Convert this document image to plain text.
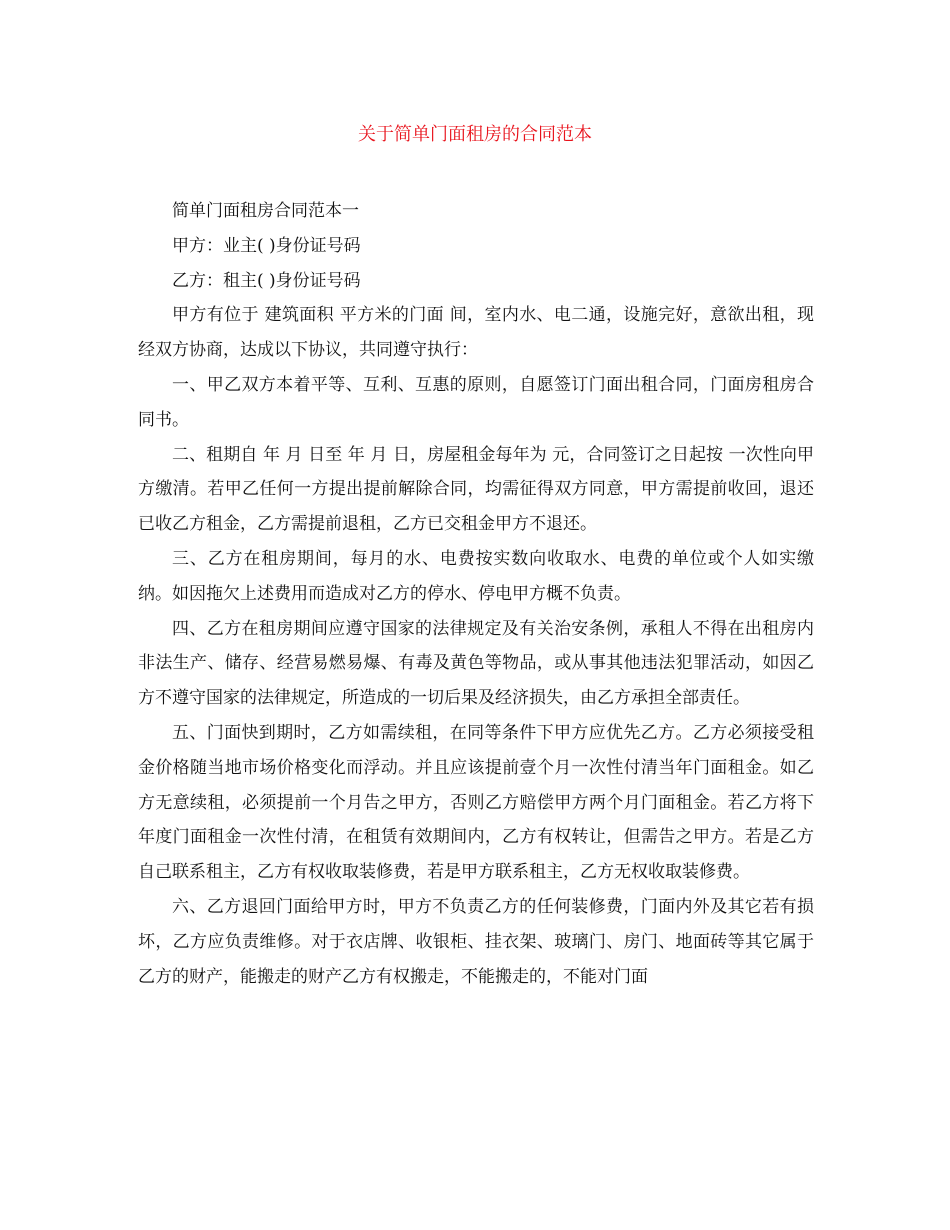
关于简单门面租房的合同范本

简单门面租房合同范本一

甲方：业主( )身份证号码

乙方：租主( )身份证号码

甲方有位于 建筑面积 平方米的门面 间，室内水、电二通，设施完好，意欲出租，现经双方协商，达成以下协议，共同遵守执行：

一、甲乙双方本着平等、互利、互惠的原则，自愿签订门面出租合同，门面房租房合同书。

二、租期自 年 月 日至 年 月 日，房屋租金每年为 元，合同签订之日起按 一次性向甲方缴清。若甲乙任何一方提出提前解除合同，均需征得双方同意，甲方需提前收回，退还已收乙方租金，乙方需提前退租，乙方已交租金甲方不退还。

三、乙方在租房期间，每月的水、电费按实数向收取水、电费的单位或个人如实缴纳。如因拖欠上述费用而造成对乙方的停水、停电甲方概不负责。

四、乙方在租房期间应遵守国家的法律规定及有关治安条例，承租人不得在出租房内非法生产、储存、经营易燃易爆、有毒及黄色等物品，或从事其他违法犯罪活动，如因乙方不遵守国家的法律规定，所造成的一切后果及经济损失，由乙方承担全部责任。

五、门面快到期时，乙方如需续租，在同等条件下甲方应优先乙方。乙方必须接受租金价格随当地市场价格变化而浮动。并且应该提前壹个月一次性付清当年门面租金。如乙方无意续租，必须提前一个月告之甲方，否则乙方赔偿甲方两个月门面租金。若乙方将下年度门面租金一次性付清，在租赁有效期间内，乙方有权转让，但需告之甲方。若是乙方自己联系租主，乙方有权收取装修费，若是甲方联系租主，乙方无权收取装修费。

六、乙方退回门面给甲方时，甲方不负责乙方的任何装修费，门面内外及其它若有损坏，乙方应负责维修。对于衣店牌、收银柜、挂衣架、玻璃门、房门、地面砖等其它属于乙方的财产，能搬走的财产乙方有权搬走，不能搬走的，不能对门面
